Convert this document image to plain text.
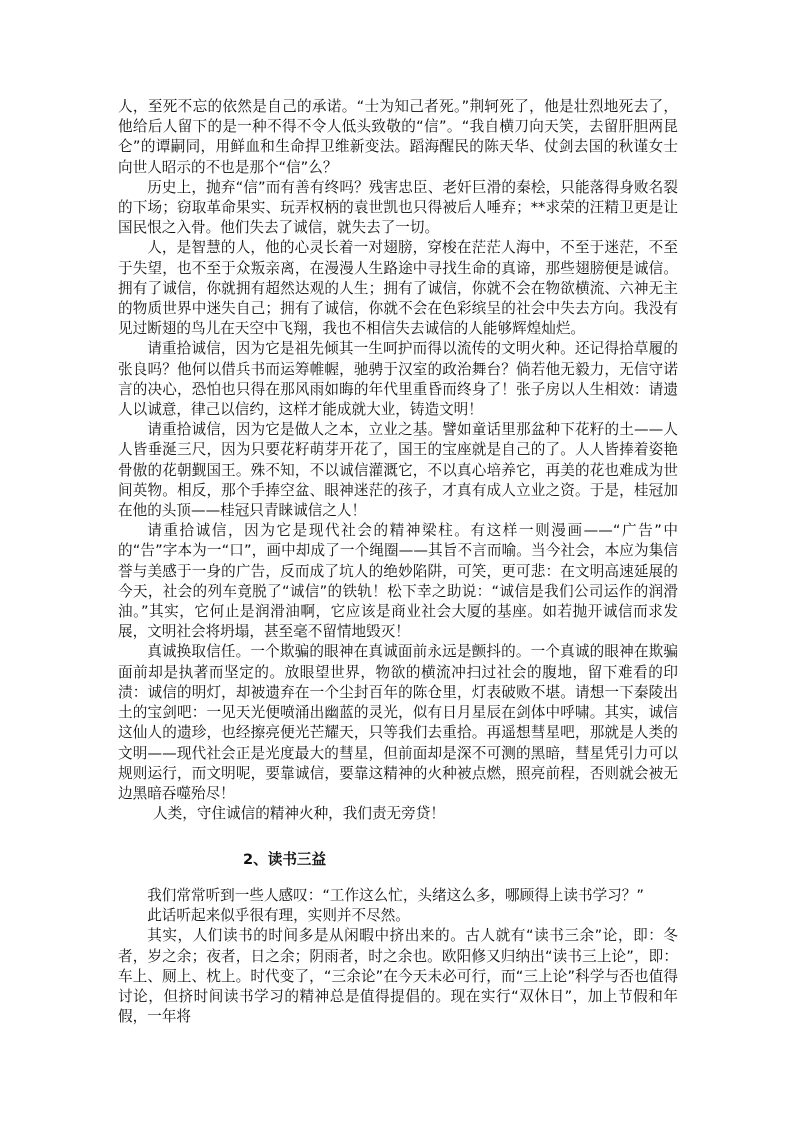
人，至死不忘的依然是自己的承诺。“士为知己者死。”荆轲死了，他是壮烈地死去了，他给后人留下的是一种不得不令人低头致敬的“信”。“我自横刀向天笑，去留肝胆两昆仑”的谭嗣同，用鲜血和生命捍卫维新变法。蹈海醒民的陈天华、仗剑去国的秋谨女士向世人昭示的不也是那个“信”么？

历史上，抛弃“信”而有善有终吗？残害忠臣、老奸巨滑的秦桧，只能落得身败名裂的下场；窃取革命果实、玩弄权柄的袁世凯也只得被后人唾弃；**求荣的汪精卫更是让国民恨之入骨。他们失去了诚信，就失去了一切。

人，是智慧的人，他的心灵长着一对翅膀，穿梭在茫茫人海中，不至于迷茫，不至于失望，也不至于众叛亲离，在漫漫人生路途中寻找生命的真谛，那些翅膀便是诚信。拥有了诚信，你就拥有超然达观的人生；拥有了诚信，你就不会在物欲横流、六神无主的物质世界中迷失自己；拥有了诚信，你就不会在色彩缤呈的社会中失去方向。我没有见过断翅的鸟儿在天空中飞翔，我也不相信失去诚信的人能够辉煌灿烂。

请重拾诚信，因为它是祖先倾其一生呵护而得以流传的文明火种。还记得拾草履的张良吗？他何以借兵书而运筹帷幄，驰骋于汉室的政治舞台？倘若他无毅力，无信守诺言的决心，恐怕也只得在那风雨如晦的年代里重昏而终身了！张子房以人生相效：请遗人以诚意，律己以信约，这样才能成就大业，铸造文明！

请重拾诚信，因为它是做人之本，立业之基。譬如童话里那盆种下花籽的土——人人皆垂涎三尺，因为只要花籽萌芽开花了，国王的宝座就是自己的了。人人皆捧着姿艳骨傲的花朝觐国王。殊不知，不以诚信灌溉它，不以真心培养它，再美的花也难成为世间英物。相反，那个手捧空盆、眼神迷茫的孩子，才真有成人立业之资。于是，桂冠加在他的头顶——桂冠只青睐诚信之人！

请重拾诚信，因为它是现代社会的精神梁柱。有这样一则漫画——“广告”中的“告”字本为一“口”，画中却成了一个绳圈——其旨不言而喻。当今社会，本应为集信誉与美感于一身的广告，反而成了坑人的绝妙陷阱，可笑，更可悲：在文明高速延展的今天，社会的列车竟脱了“诚信”的铁轨！松下幸之助说：“诚信是我们公司运作的润滑油。”其实，它何止是润滑油啊，它应该是商业社会大厦的基座。如若抛开诚信而求发展，文明社会将坍塌，甚至毫不留情地毁灭！

真诚换取信任。一个欺骗的眼神在真诚面前永远是颤抖的。一个真诚的眼神在欺骗面前却是执著而坚定的。放眼望世界，物欲的横流冲扫过社会的腹地，留下难看的印渍：诚信的明灯，却被遗弃在一个尘封百年的陈仓里，灯表破败不堪。请想一下秦陵出土的宝剑吧：一见天光便喷涌出幽蓝的灵光，似有日月星辰在剑体中呼啸。其实，诚信这仙人的遗珍，也经擦亮便光芒耀天，只等我们去重拾。再遥想彗星吧，那就是人类的文明——现代社会正是光度最大的彗星，但前面却是深不可测的黑暗，彗星凭引力可以规则运行，而文明呢，要靠诚信，要靠这精神的火种被点燃，照亮前程，否则就会被无边黑暗吞噬殆尽！

人类，守住诚信的精神火种，我们责无旁贷！

2、读书三益

我们常常听到一些人感叹：“工作这么忙，头绪这么多，哪顾得上读书学习？”

此话听起来似乎很有理，实则并不尽然。

其实，人们读书的时间多是从闲暇中挤出来的。古人就有“读书三余”论，即：冬者，岁之余；夜者，日之余；阴雨者，时之余也。欧阳修又归纳出“读书三上论”，即：车上、厕上、枕上。时代变了，“三余论”在今天未必可行，而“三上论”科学与否也值得讨论，但挤时间读书学习的精神总是值得提倡的。现在实行“双休日”，加上节假和年假，一年将
